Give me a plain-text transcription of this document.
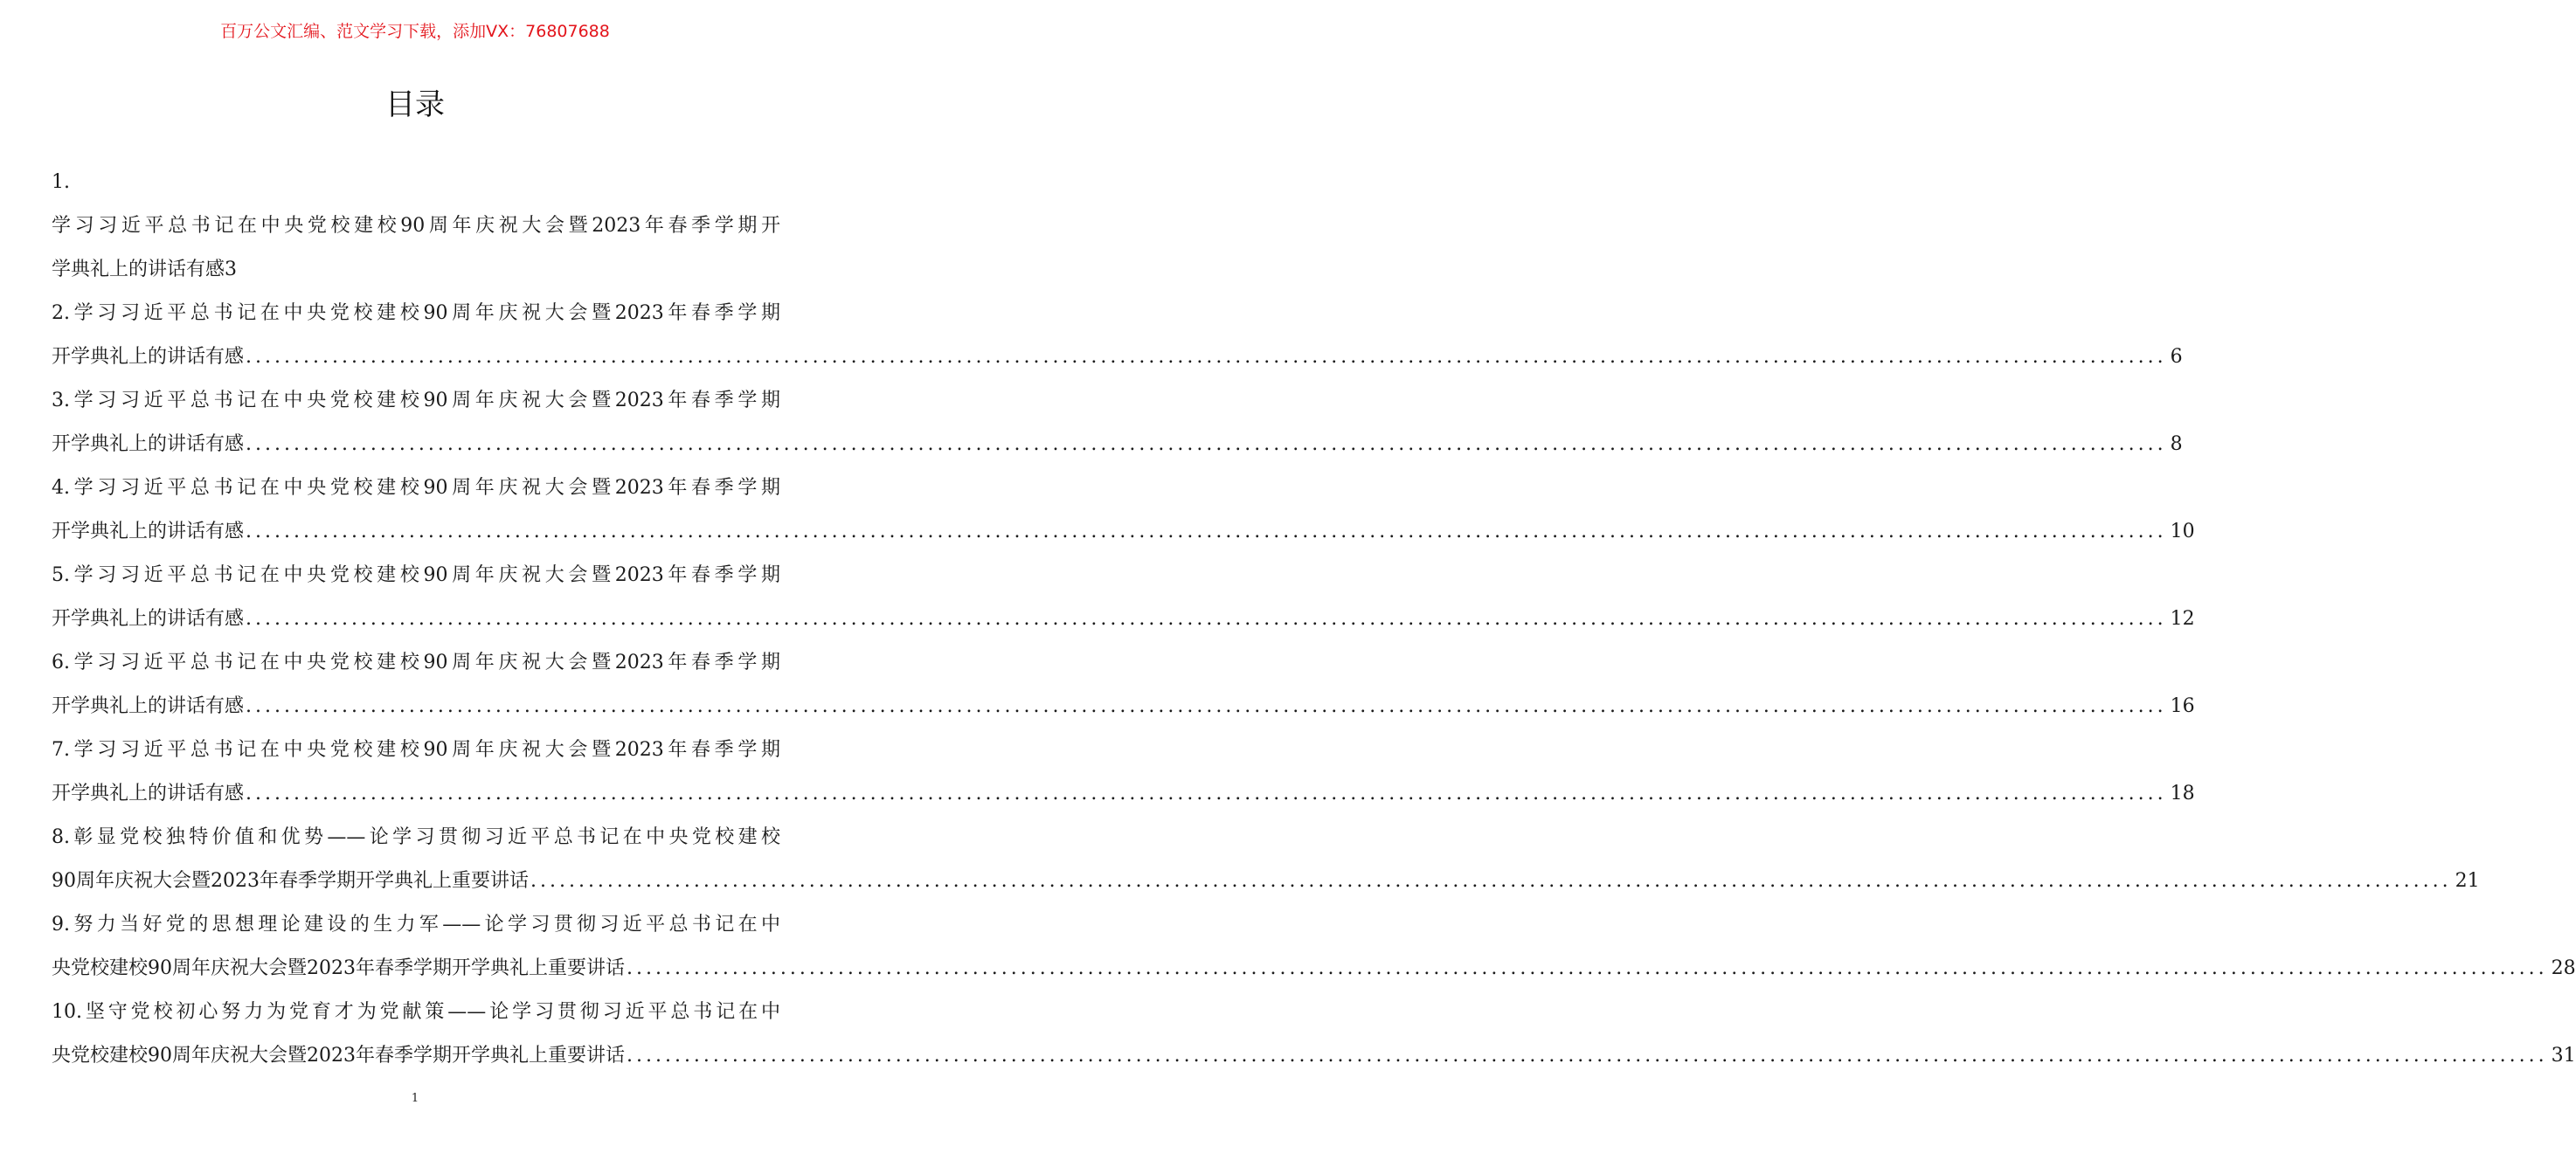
百万公文汇编、范文学习下载，添加VX：76807688
目录
1.
学习习近平总书记在中央党校建校90周年庆祝大会暨2023年春季学期开
学典礼上的讲话有感3
2.学习习近平总书记在中央党校建校90周年庆祝大会暨2023年春季学期
开学典礼上的讲话有感 ........................................................................................................................................................................................................ 6
3.学习习近平总书记在中央党校建校90周年庆祝大会暨2023年春季学期
开学典礼上的讲话有感 ........................................................................................................................................................................................................ 8
4.学习习近平总书记在中央党校建校90周年庆祝大会暨2023年春季学期
开学典礼上的讲话有感 ........................................................................................................................................................................................................ 10
5.学习习近平总书记在中央党校建校90周年庆祝大会暨2023年春季学期
开学典礼上的讲话有感 ........................................................................................................................................................................................................ 12
6.学习习近平总书记在中央党校建校90周年庆祝大会暨2023年春季学期
开学典礼上的讲话有感 ........................................................................................................................................................................................................ 16
7.学习习近平总书记在中央党校建校90周年庆祝大会暨2023年春季学期
开学典礼上的讲话有感 ........................................................................................................................................................................................................ 18
8.彰显党校独特价值和优势——论学习贯彻习近平总书记在中央党校建校
90周年庆祝大会暨2023年春季学期开学典礼上重要讲话 ........................................................................................................................................................................................................ 21
9.努力当好党的思想理论建设的生力军——论学习贯彻习近平总书记在中
央党校建校90周年庆祝大会暨2023年春季学期开学典礼上重要讲话 ........................................................................................................................................................................................................ 28
10.坚守党校初心努力为党育才为党献策——论学习贯彻习近平总书记在中
央党校建校90周年庆祝大会暨2023年春季学期开学典礼上重要讲话 ........................................................................................................................................................................................................ 31
1
